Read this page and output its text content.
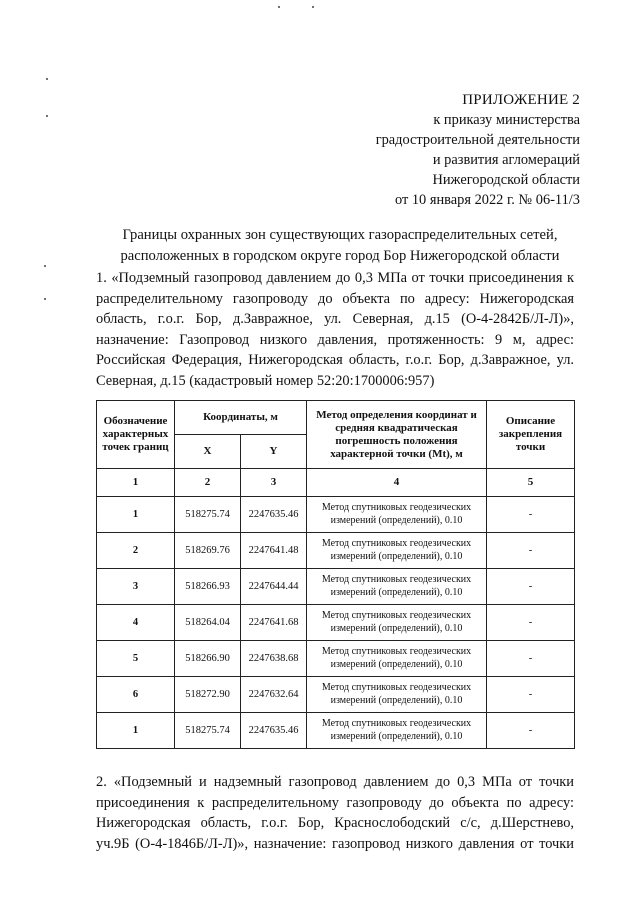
ПРИЛОЖЕНИЕ 2
к приказу министерства
градостроительной деятельности
и развития агломераций
Нижегородской области
от 10 января 2022 г. № 06-11/3
Границы охранных зон существующих газораспределительных сетей,
расположенных в городском округе город Бор Нижегородской области
1. «Подземный газопровод давлением до 0,3 МПа от точки присоединения к
распределительному газопроводу до объекта по адресу: Нижегородская
область, г.о.г. Бор, д.Завражное, ул. Северная, д.15 (О-4-2842Б/Л-Л)»,
назначение: Газопровод низкого давления, протяженность: 9 м, адрес:
Российская Федерация, Нижегородская область, г.о.г. Бор, д.Завражное, ул.
Северная, д.15 (кадастровый номер 52:20:1700006:957)
Обозначение характерных точек границ	Координаты, м		Метод определения координат и средняя квадратическая погрешность положения характерной точки (Mt), м	Описание закрепления точки
	X	Y		
1	2	3	4	5
1	518275.74	2247635.46	Метод спутниковых геодезических измерений (определений), 0.10	-
2	518269.76	2247641.48	Метод спутниковых геодезических измерений (определений), 0.10	-
3	518266.93	2247644.44	Метод спутниковых геодезических измерений (определений), 0.10	-
4	518264.04	2247641.68	Метод спутниковых геодезических измерений (определений), 0.10	-
5	518266.90	2247638.68	Метод спутниковых геодезических измерений (определений), 0.10	-
6	518272.90	2247632.64	Метод спутниковых геодезических измерений (определений), 0.10	-
1	518275.74	2247635.46	Метод спутниковых геодезических измерений (определений), 0.10	-
2. «Подземный и надземный газопровод давлением до 0,3 МПа от точки
присоединения к распределительному газопроводу до объекта по адресу:
Нижегородская область, г.о.г. Бор, Краснослободский с/с, д.Шерстнево,
уч.9Б (О-4-1846Б/Л-Л)», назначение: газопровод низкого давления от точки
